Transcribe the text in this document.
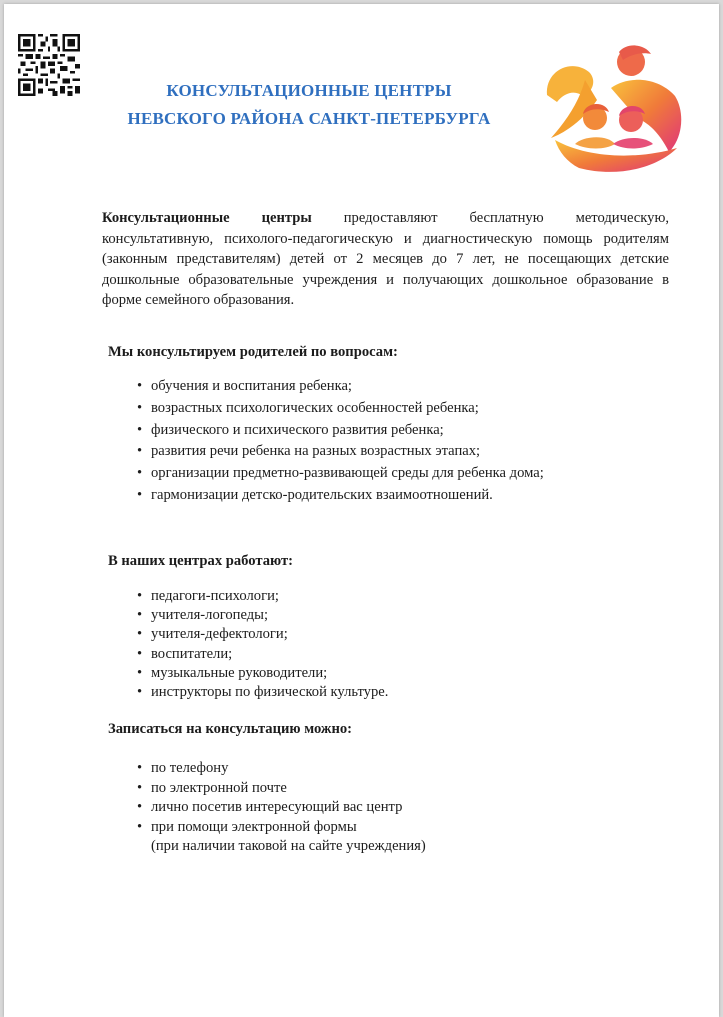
КОНСУЛЬТАЦИОННЫЕ ЦЕНТРЫ
НЕВСКОГО РАЙОНА САНКТ-ПЕТЕРБУРГА
Консультационные центры предоставляют бесплатную методическую, консультативную, психолого-педагогическую и диагностическую помощь родителям (законным представителям) детей от 2 месяцев до 7 лет, не посещающих детские дошкольные образовательные учреждения и получающих дошкольное образование в форме семейного образования.
Мы консультируем родителей по вопросам:
• обучения и воспитания ребенка;
• возрастных психологических особенностей ребенка;
• физического и психического развития ребенка;
• развития речи ребенка на разных возрастных этапах;
• организации предметно-развивающей среды для ребенка дома;
• гармонизации детско-родительских взаимоотношений.
В наших центрах работают:
• педагоги-психологи;
• учителя-логопеды;
• учителя-дефектологи;
• воспитатели;
• музыкальные руководители;
• инструкторы по физической культуре.
Записаться на консультацию можно:
• по телефону
• по электронной почте
• лично посетив интересующий вас центр
• при помощи электронной формы
(при наличии таковой на сайте учреждения)
